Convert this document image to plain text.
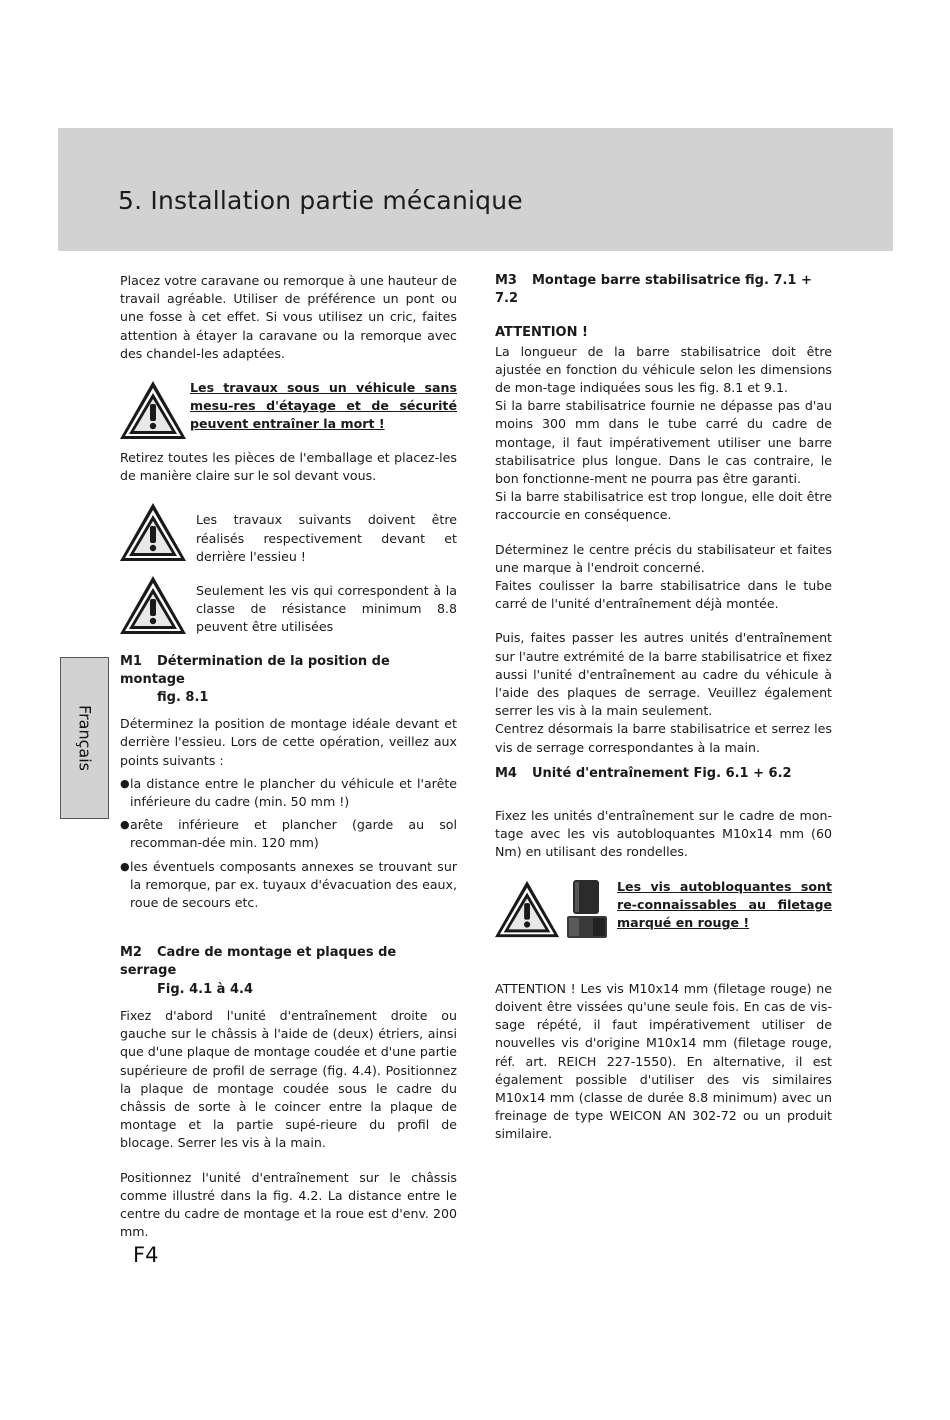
5. Installation partie mécanique
Français

Placez votre caravane ou remorque à une hauteur de travail agréable. Utiliser de préférence un pont ou une fosse à cet effet. Si vous utilisez un cric, faites attention à étayer la caravane ou la remorque avec des chandel-les adaptées.

Les travaux sous un véhicule sans mesu-res d'étayage et de sécurité peuvent entraîner la mort !

Retirez toutes les pièces de l'emballage et placez-les de manière claire sur le sol devant vous.

Les travaux suivants doivent être réalisés respectivement devant et derrière l'essieu !

Seulement les vis qui correspondent à la classe de résistance minimum 8.8 peuvent être utilisées

M1 Détermination de la position de montage
fig. 8.1

Déterminez la position de montage idéale devant et derrière l'essieu. Lors de cette opération, veillez aux points suivants :

● la distance entre le plancher du véhicule et l'arête inférieure du cadre (min. 50 mm !)
● arête inférieure et plancher (garde au sol recomman-dée min. 120 mm)
● les éventuels composants annexes se trouvant sur la remorque, par ex. tuyaux d'évacuation des eaux, roue de secours etc.
M2 Cadre de montage et plaques de serrage
Fig. 4.1 à 4.4

Fixez d'abord l'unité d'entraînement droite ou gauche sur le châssis à l'aide de (deux) étriers, ainsi que d'une plaque de montage coudée et d'une partie supérieure de profil de serrage (fig. 4.4). Positionnez la plaque de montage coudée sous le cadre du châssis de sorte à le coincer entre la plaque de montage et la partie supé-rieure du profil de blocage. Serrer les vis à la main.

Positionnez l'unité d'entraînement sur le châssis comme illustré dans la fig. 4.2. La distance entre le centre du cadre de montage et la roue est d'env. 200 mm.

M3 Montage barre stabilisatrice fig. 7.1 + 7.2
ATTENTION !

La longueur de la barre stabilisatrice doit être ajustée en fonction du véhicule selon les dimensions de mon-tage indiquées sous les fig. 8.1 et 9.1.

Si la barre stabilisatrice fournie ne dépasse pas d'au moins 300 mm dans le tube carré du cadre de montage, il faut impérativement utiliser une barre stabilisatrice plus longue. Dans le cas contraire, le bon fonctionne-ment ne pourra pas être garanti.

Si la barre stabilisatrice est trop longue, elle doit être raccourcie en conséquence.

Déterminez le centre précis du stabilisateur et faites une marque à l'endroit concerné.

Faites coulisser la barre stabilisatrice dans le tube carré de l'unité d'entraînement déjà montée.

Puis, faites passer les autres unités d'entraînement sur l'autre extrémité de la barre stabilisatrice et fixez aussi l'unité d'entraînement au cadre du véhicule à l'aide des plaques de serrage. Veuillez également serrer les vis à la main seulement.

Centrez désormais la barre stabilisatrice et serrez les vis de serrage correspondantes à la main.

M4 Unité d'entraînement Fig. 6.1 + 6.2

Fixez les unités d'entraînement sur le cadre de mon-tage avec les vis autobloquantes M10x14 mm (60 Nm) en utilisant des rondelles.

Les vis autobloquantes sont re-connaissables au filetage marqué en rouge !

ATTENTION ! Les vis M10x14 mm (filetage rouge) ne doivent être vissées qu'une seule fois. En cas de vis-sage répété, il faut impérativement utiliser de nouvelles vis d'origine M10x14 mm (filetage rouge, réf. art. REICH 227-1550). En alternative, il est également possible d'utiliser des vis similaires M10x14 mm (classe de durée 8.8 minimum) avec un freinage de type WEICON AN 302-72 ou un produit similaire.

F4
